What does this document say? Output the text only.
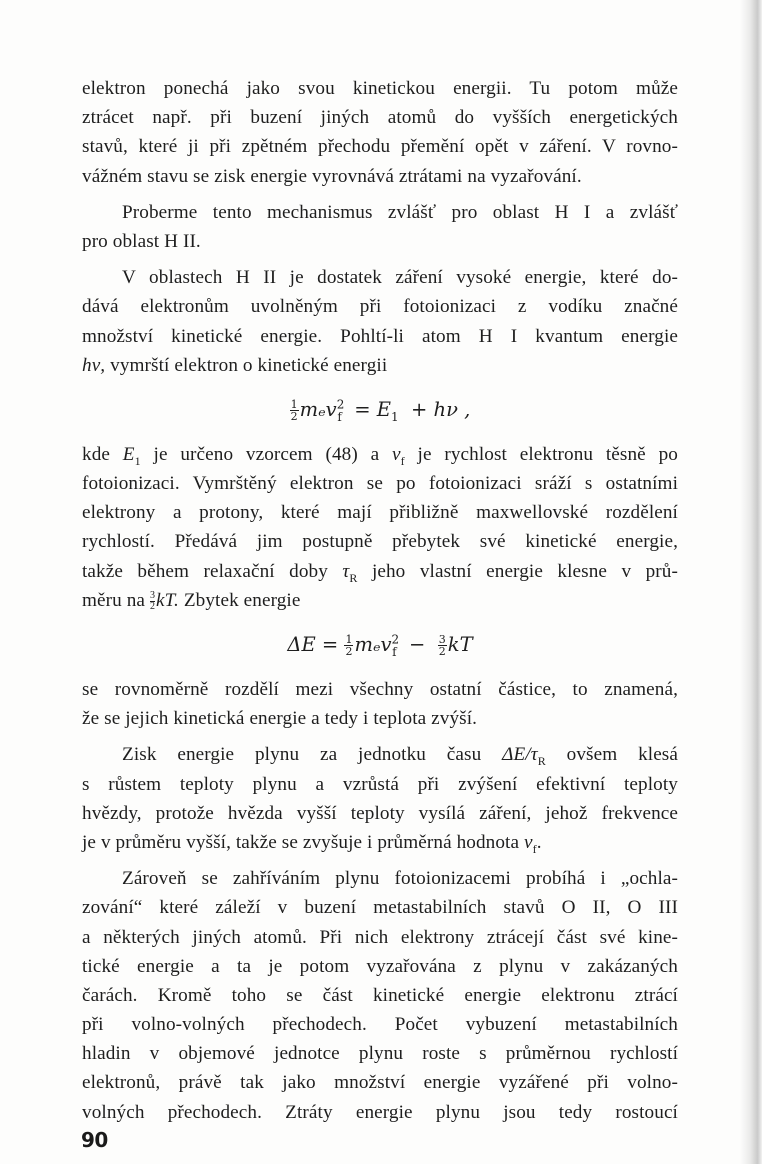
elektron ponechá jako svou kinetickou energii. Tu potom může
ztrácet např. při buzení jiných atomů do vyšších energetických
stavů, které ji při zpětném přechodu přemění opět v záření. V rovno-
vážném stavu se zisk energie vyrovnává ztrátami na vyzařování.
Proberme tento mechanismus zvlášť pro oblast H I a zvlášť
pro oblast H II.
V oblastech H II je dostatek záření vysoké energie, které do-
dává elektronům uvolněným při fotoionizaci z vodíku značné
množství kinetické energie. Pohltí-li atom H I kvantum energie
hν, vymrští elektron o kinetické energii
$\frac{1}{2} m_ev^2_f = E_1 + h\nu$ ,
kde $E_1$ je určeno vzorcem (48) a $v_f$ je rychlost elektronu těsně po
fotoionizaci. Vymrštěný elektron se po fotoionizaci sráží s ostatními
elektrony a protony, které mají přibližně maxwellovské rozdělení
rychlostí. Předává jim postupně přebytek své kinetické energie,
takže během relaxační doby $\tau_R$ jeho vlastní energie klesne v prů-
měru na $\frac{3}{2}$ kT. Zbytek energie
$\Delta E = \frac{1}{2} m_ev^2_f - \frac{3}{2}$ kT
se rovnoměrně rozdělí mezi všechny ostatní částice, to znamená,
že se jejich kinetická energie a tedy i teplota zvýší.
Zisk energie plynu za jednotku času $\Delta E/\tau_R$ ovšem klesá
s růstem teploty plynu a vzrůstá při zvýšení efektivní teploty
hvězdy, protože hvězda vyšší teploty vysílá záření, jehož frekvence
je v průměru vyšší, takže se zvyšuje i průměrná hodnota $v_f$.
Zároveň se zahříváním plynu fotoionizacemi probíhá i „ochla-
zování“ které záleží v buzení metastabilních stavů O II, O III
a některých jiných atomů. Při nich elektrony ztrácejí část své kine-
tické energie a ta je potom vyzařována z plynu v zakázaných
čarách. Kromě toho se část kinetické energie elektronu ztrácí
při volno-volných přechodech. Počet vybuzení metastabilních
hladin v objemové jednotce plynu roste s průměrnou rychlostí
elektronů, právě tak jako množství energie vyzářené při volno-
volných přechodech. Ztráty energie plynu jsou tedy rostoucí
90
